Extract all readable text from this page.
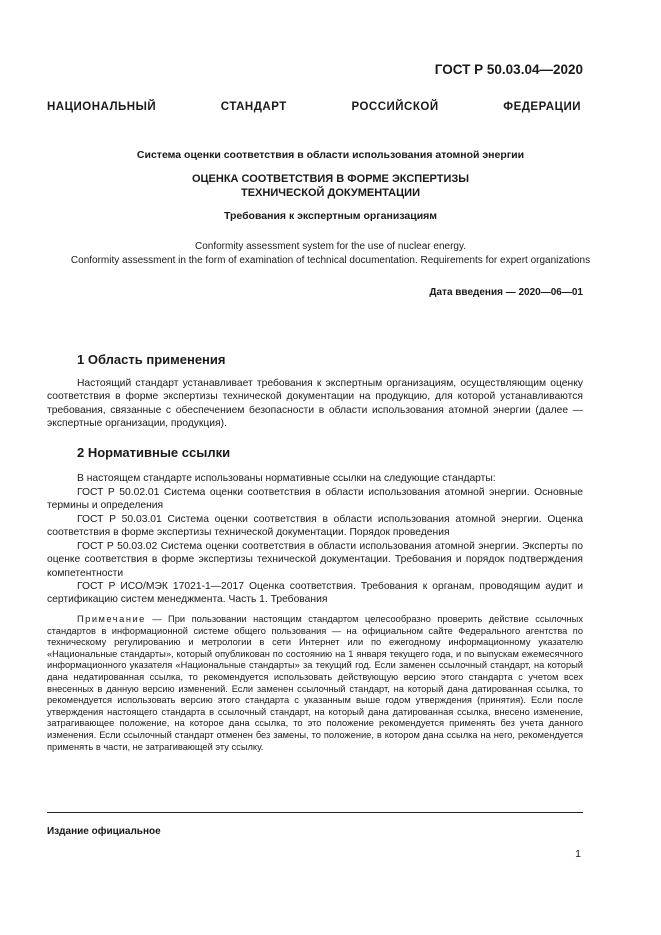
ГОСТ Р 50.03.04—2020
НАЦИОНАЛЬНЫЙ СТАНДАРТ РОССИЙСКОЙ ФЕДЕРАЦИИ
Система оценки соответствия в области использования атомной энергии
ОЦЕНКА СООТВЕТСТВИЯ В ФОРМЕ ЭКСПЕРТИЗЫ
ТЕХНИЧЕСКОЙ ДОКУМЕНТАЦИИ
Требования к экспертным организациям
Conformity assessment system for the use of nuclear energy.
Conformity assessment in the form of examination of technical documentation. Requirements for expert organizations
Дата введения — 2020—06—01
1 Область применения
Настоящий стандарт устанавливает требования к экспертным организациям, осуществляющим оценку соответствия в форме экспертизы технической документации на продукцию, для которой устанавливаются требования, связанные с обеспечением безопасности в области использования атомной энергии (далее — экспертные организации, продукция).
2 Нормативные ссылки
В настоящем стандарте использованы нормативные ссылки на следующие стандарты:
ГОСТ Р 50.02.01 Система оценки соответствия в области использования атомной энергии. Основные термины и определения
ГОСТ Р 50.03.01 Система оценки соответствия в области использования атомной энергии. Оценка соответствия в форме экспертизы технической документации. Порядок проведения
ГОСТ Р 50.03.02 Система оценки соответствия в области использования атомной энергии. Эксперты по оценке соответствия в форме экспертизы технической документации. Требования и порядок подтверждения компетентности
ГОСТ Р ИСО/МЭК 17021-1—2017 Оценка соответствия. Требования к органам, проводящим аудит и сертификацию систем менеджмента. Часть 1. Требования
Примечание — При пользовании настоящим стандартом целесообразно проверить действие ссылочных стандартов в информационной системе общего пользования — на официальном сайте Федерального агентства по техническому регулированию и метрологии в сети Интернет или по ежегодному информационному указателю «Национальные стандарты», который опубликован по состоянию на 1 января текущего года, и по выпускам ежемесячного информационного указателя «Национальные стандарты» за текущий год. Если заменен ссылочный стандарт, на который дана недатированная ссылка, то рекомендуется использовать действующую версию этого стандарта с учетом всех внесенных в данную версию изменений. Если заменен ссылочный стандарт, на который дана датированная ссылка, то рекомендуется использовать версию этого стандарта с указанным выше годом утверждения (принятия). Если после утверждения настоящего стандарта в ссылочный стандарт, на который дана датированная ссылка, внесено изменение, затрагивающее положение, на которое дана ссылка, то это положение рекомендуется применять без учета данного изменения. Если ссылочный стандарт отменен без замены, то положение, в котором дана ссылка на него, рекомендуется применять в части, не затрагивающей эту ссылку.
Издание официальное
1
